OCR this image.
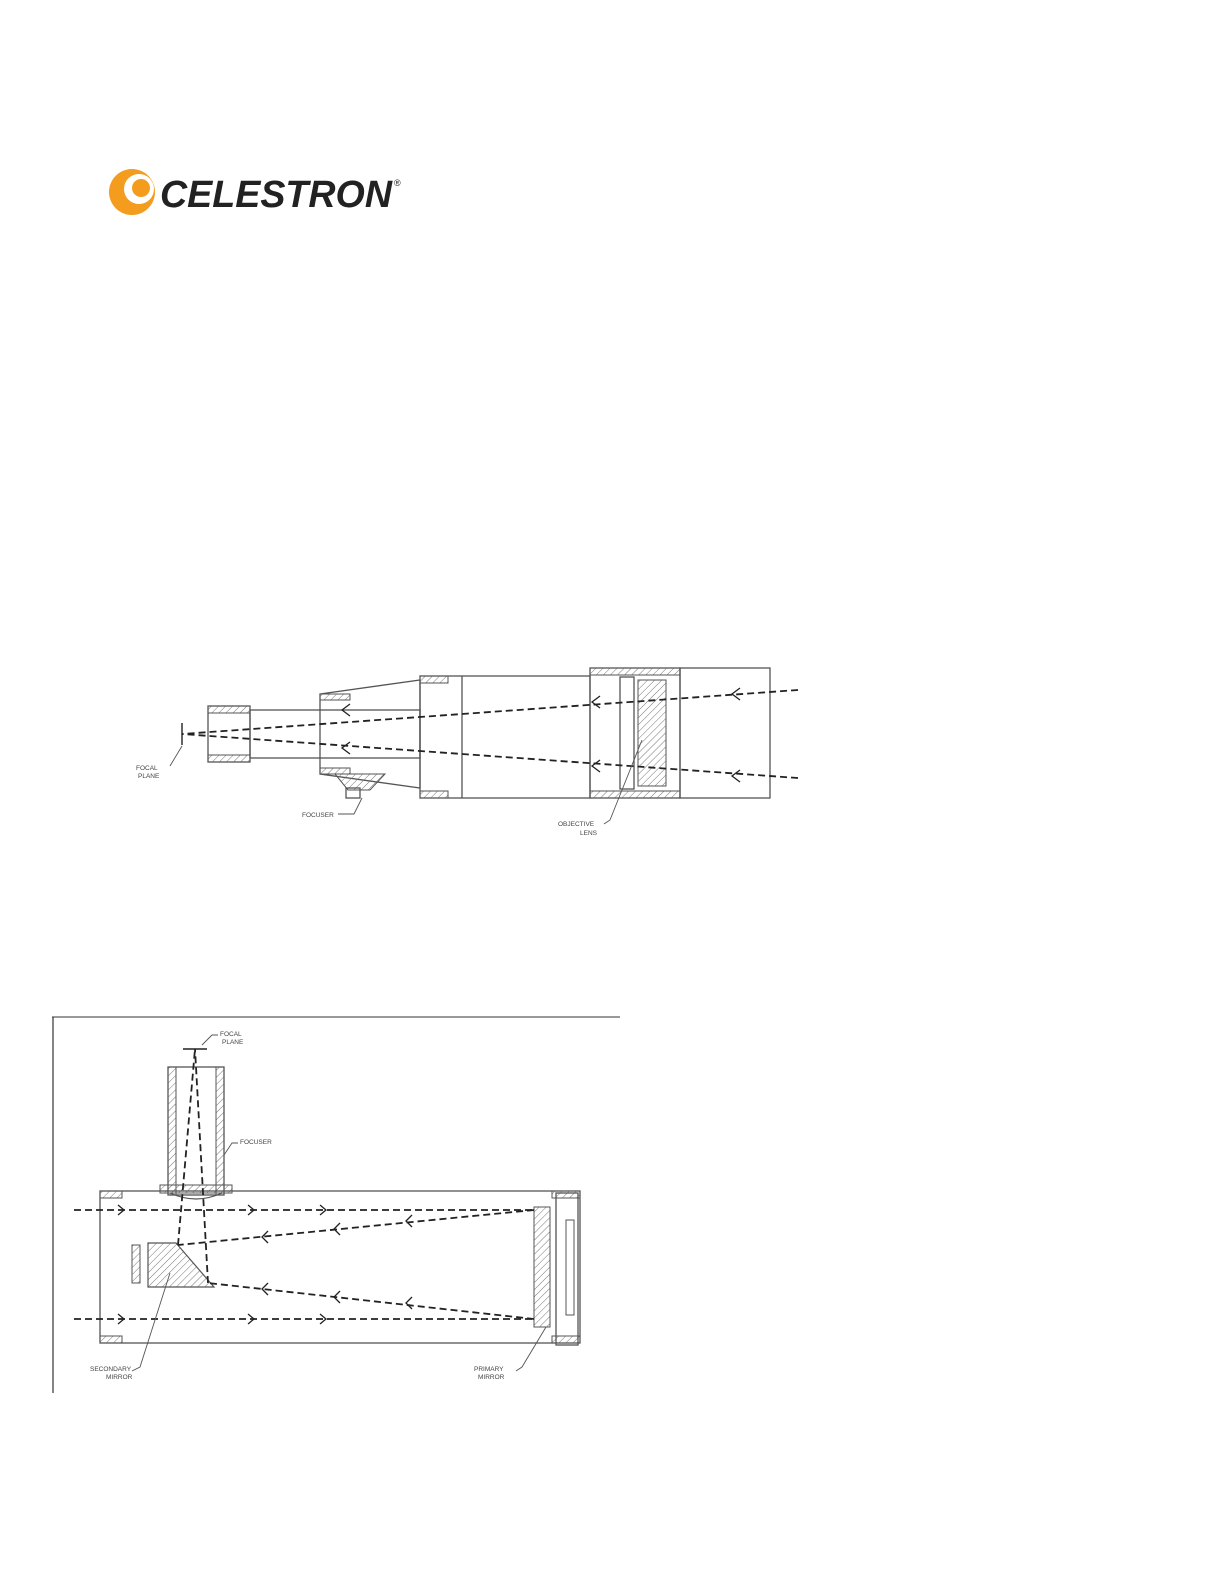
CELESTRON ®
FOCAL
PLANE
FOCUSER
OBJECTIVE
LENS
FOCAL
PLANE
FOCUSER
SECONDARY
MIRROR
PRIMARY
MIRROR
